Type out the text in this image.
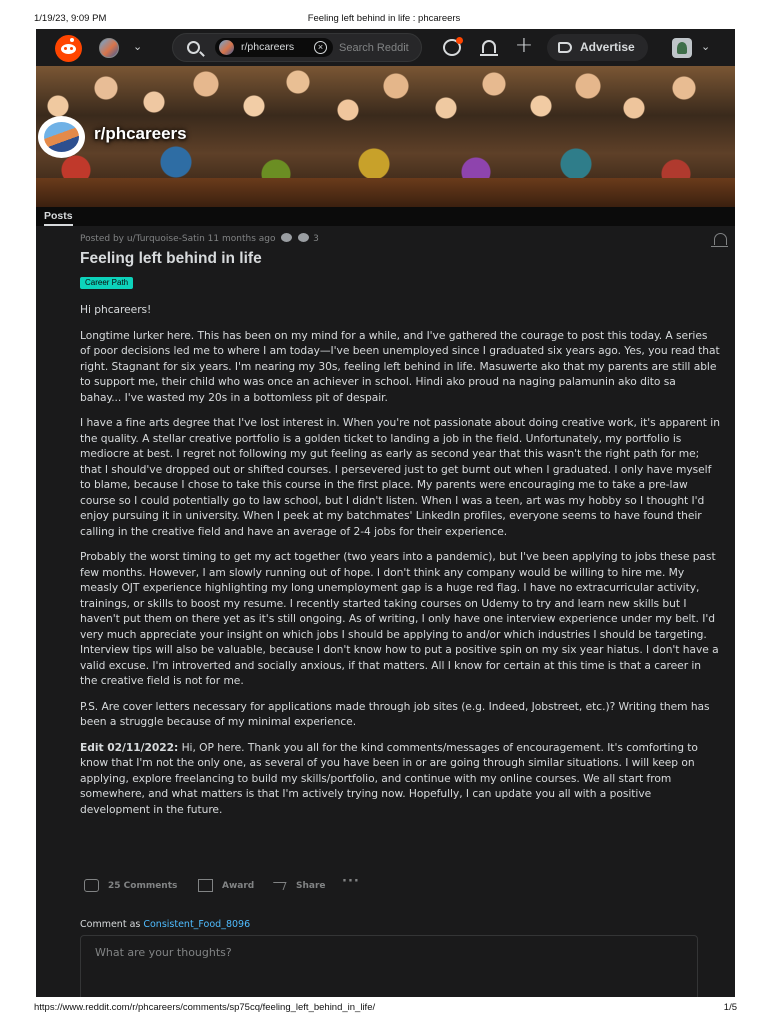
1/19/23, 9:09 PM	Feeling left behind in life : phcareers
⌄	r/phcareers	×	Search Reddit	+	Advertise	⌄
r/phcareers
Posts
Posted by u/Turquoise-Satin 11 months ago	3
Feeling left behind in life
Career Path

Hi phcareers!

Longtime lurker here. This has been on my mind for a while, and I've gathered the courage to post this today. A series of poor decisions led me to where I am today—I've been unemployed since I graduated six years ago. Yes, you read that right. Stagnant for six years. I'm nearing my 30s, feeling left behind in life. Masuwerte ako that my parents are still able to support me, their child who was once an achiever in school. Hindi ako proud na naging palamunin ako dito sa bahay... I've wasted my 20s in a bottomless pit of despair.

I have a fine arts degree that I've lost interest in. When you're not passionate about doing creative work, it's apparent in the quality. A stellar creative portfolio is a golden ticket to landing a job in the field. Unfortunately, my portfolio is mediocre at best. I regret not following my gut feeling as early as second year that this wasn't the right path for me; that I should've dropped out or shifted courses. I persevered just to get burnt out when I graduated. I only have myself to blame, because I chose to take this course in the first place. My parents were encouraging me to take a pre-law course so I could potentially go to law school, but I didn't listen. When I was a teen, art was my hobby so I thought I'd enjoy pursuing it in university. When I peek at my batchmates' LinkedIn profiles, everyone seems to have found their calling in the creative field and have an average of 2-4 jobs for their experience.

Probably the worst timing to get my act together (two years into a pandemic), but I've been applying to jobs these past few months. However, I am slowly running out of hope. I don't think any company would be willing to hire me. My measly OJT experience highlighting my long unemployment gap is a huge red flag. I have no extracurricular activity, trainings, or skills to boost my resume. I recently started taking courses on Udemy to try and learn new skills but I haven't put them on there yet as it's still ongoing. As of writing, I only have one interview experience under my belt. I'd very much appreciate your insight on which jobs I should be applying to and/or which industries I should be targeting. Interview tips will also be valuable, because I don't know how to put a positive spin on my six year hiatus. I don't have a valid excuse. I'm introverted and socially anxious, if that matters. All I know for certain at this time is that a career in the creative field is not for me.

P.S. Are cover letters necessary for applications made through job sites (e.g. Indeed, Jobstreet, etc.)? Writing them has been a struggle because of my minimal experience.

Edit 02/11/2022: Hi, OP here. Thank you all for the kind comments/messages of encouragement. It's comforting to know that I'm not the only one, as several of you have been in or are going through similar situations. I will keep on applying, explore freelancing to build my skills/portfolio, and continue with my online courses. We all start from somewhere, and what matters is that I'm actively trying now. Hopefully, I can update you all with a positive development in the future.

25 Comments	Award	Share ···
Comment as Consistent_Food_8096
What are your thoughts?
https://www.reddit.com/r/phcareers/comments/sp75cq/feeling_left_behind_in_life/	1/5
